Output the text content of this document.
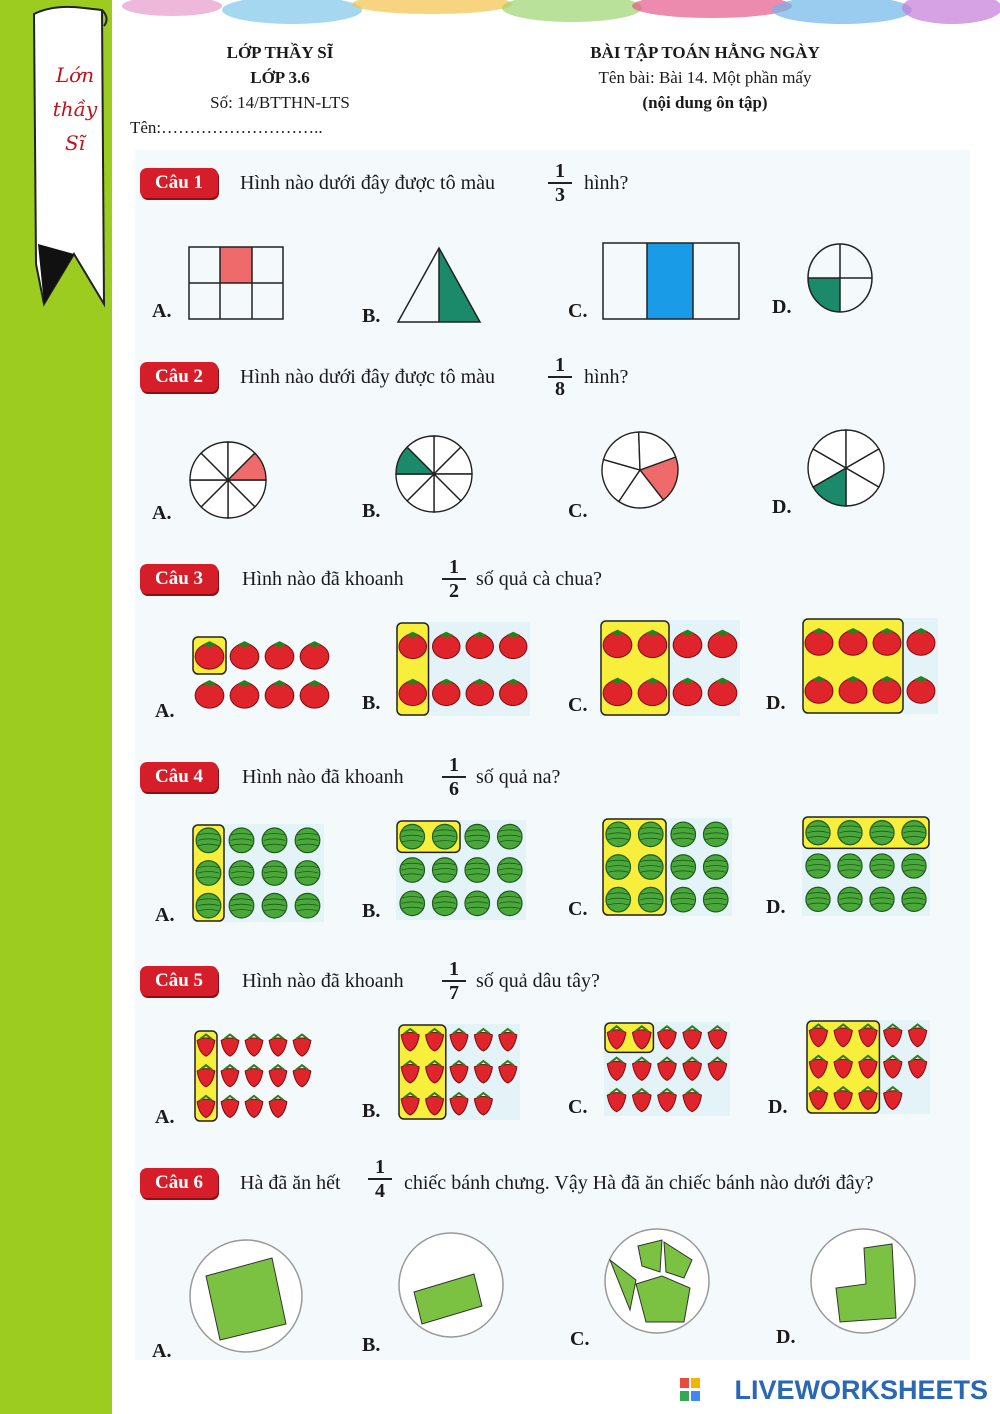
Lớn
thầy
Sĩ
LỚP THẦY SĨ
LỚP 3.6
Số: 14/BTTHN-LTS
BÀI TẬP TOÁN HẰNG NGÀY
Tên bài: Bài 14. Một phần mấy
(nội dung ôn tập)
Tên:………………………..
Câu 1	Hình nào dưới đây được tô màu	$\frac{1}{3}$ hình?
A.	B.	C.	D.
Câu 2	Hình nào dưới đây được tô màu	$\frac{1}{8}$ hình?
A.	B.	C.	D.
Câu 3	Hình nào đã khoanh $\frac{1}{2}$ số quả cà chua?
A.	B.	C.	D.
Câu 4	Hình nào đã khoanh $\frac{1}{6}$ số quả na?
A.	B.	C.	D.
Câu 5	Hình nào đã khoanh $\frac{1}{7}$ số quả dâu tây?
A.	B.	C.	D.
Câu 6	Hà đã ăn hết $\frac{1}{4}$ chiếc bánh chưng. Vậy Hà đã ăn chiếc bánh nào dưới đây?
A.	B.	C.	D.
LIVEWORKSHEETS
